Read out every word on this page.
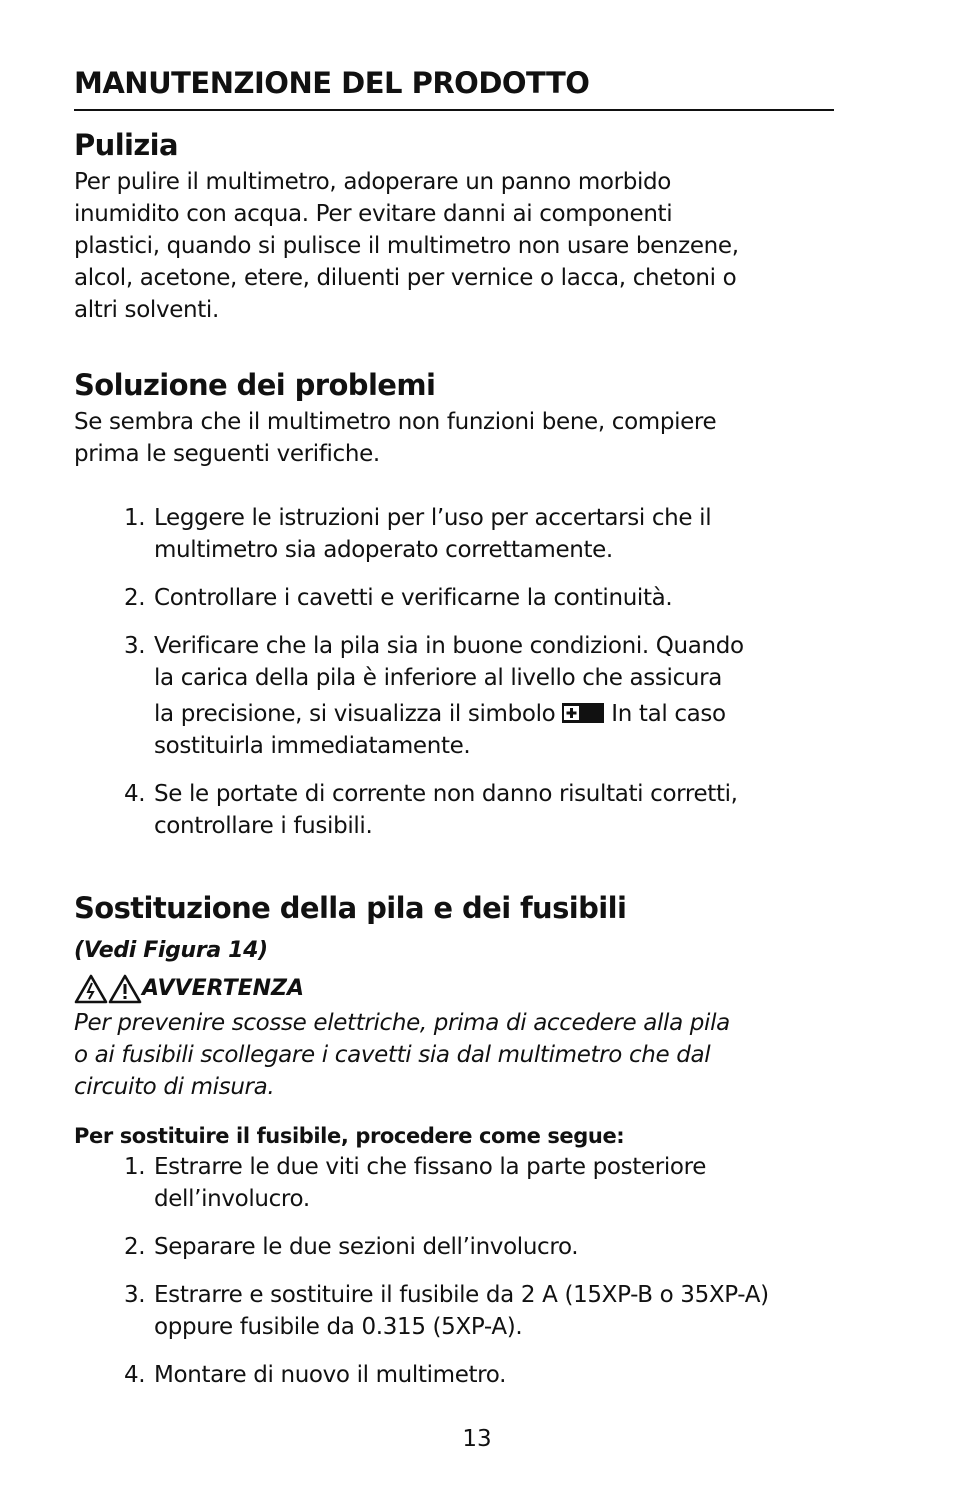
MANUTENZIONE DEL PRODOTTO
Pulizia
Per pulire il multimetro, adoperare un panno morbido
inumidito con acqua. Per evitare danni ai componenti
plastici, quando si pulisce il multimetro non usare benzene,
alcol, acetone, etere, diluenti per vernice o lacca, chetoni o
altri solventi.
Soluzione dei problemi
Se sembra che il multimetro non funzioni bene, compiere
prima le seguenti verifiche.
1. Leggere le istruzioni per l’uso per accertarsi che il
multimetro sia adoperato correttamente.
2. Controllare i cavetti e verificarne la continuità.
3. Verificare che la pila sia in buone condizioni. Quando
la carica della pila è inferiore al livello che assicura
la precisione, si visualizza il simbolo In tal caso
sostituirla immediatamente.
4. Se le portate di corrente non danno risultati corretti,
controllare i fusibili.
Sostituzione della pila e dei fusibili
(Vedi Figura 14)
AVVERTENZA
Per prevenire scosse elettriche, prima di accedere alla pila
o ai fusibili scollegare i cavetti sia dal multimetro che dal
circuito di misura.
Per sostituire il fusibile, procedere come segue:
1. Estrarre le due viti che fissano la parte posteriore
dell’involucro.
2. Separare le due sezioni dell’involucro.
3. Estrarre e sostituire il fusibile da 2 A (15XP-B o 35XP-A)
oppure fusibile da 0.315 (5XP-A).
4. Montare di nuovo il multimetro.
13
